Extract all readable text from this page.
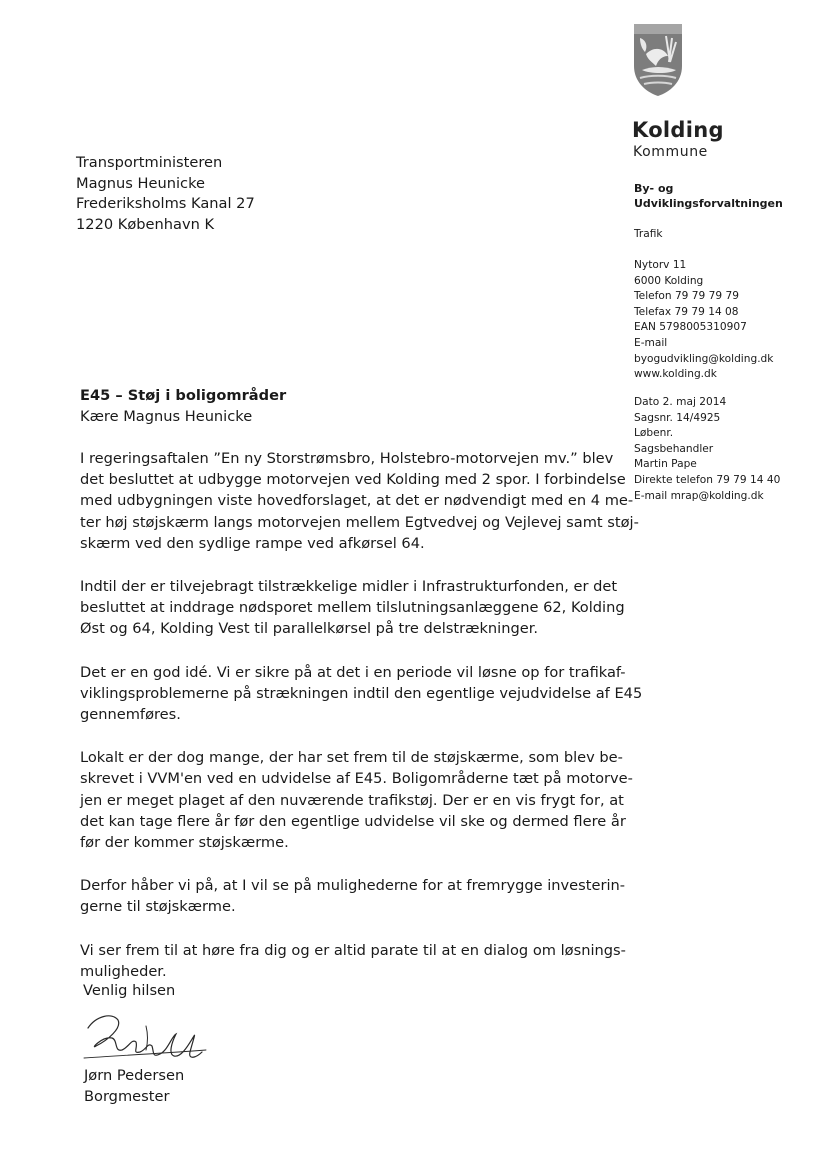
Kolding
Kommune
Transportministeren
Magnus Heunicke
Frederiksholms Kanal 27
1220 København K
By- og
Udviklingsforvaltningen
Trafik
Nytorv 11
6000 Kolding
Telefon 79 79 79 79
Telefax 79 79 14 08
EAN 5798005310907
E-mail
byogudvikling@kolding.dk
www.kolding.dk
Dato 2. maj 2014
Sagsnr. 14/4925
Løbenr.
Sagsbehandler
Martin Pape
Direkte telefon 79 79 14 40
E-mail mrap@kolding.dk
E45 – Støj i boligområder
Kære Magnus Heunicke
I regeringsaftalen ”En ny Storstrømsbro, Holstebro-motorvejen mv.” blev
det besluttet at udbygge motorvejen ved Kolding med 2 spor. I forbindelse
med udbygningen viste hovedforslaget, at det er nødvendigt med en 4 me-
ter høj støjskærm langs motorvejen mellem Egtvedvej og Vejlevej samt støj-
skærm ved den sydlige rampe ved afkørsel 64.
Indtil der er tilvejebragt tilstrækkelige midler i Infrastrukturfonden, er det
besluttet at inddrage nødsporet mellem tilslutningsanlæggene 62, Kolding
Øst og 64, Kolding Vest til parallelkørsel på tre delstrækninger.
Det er en god idé. Vi er sikre på at det i en periode vil løsne op for trafikaf-
viklingsproblemerne på strækningen indtil den egentlige vejudvidelse af E45
gennemføres.
Lokalt er der dog mange, der har set frem til de støjskærme, som blev be-
skrevet i VVM'en ved en udvidelse af E45. Boligområderne tæt på motorve-
jen er meget plaget af den nuværende trafikstøj. Der er en vis frygt for, at
det kan tage flere år før den egentlige udvidelse vil ske og dermed flere år
før der kommer støjskærme.
Derfor håber vi på, at I vil se på mulighederne for at fremrygge investerin-
gerne til støjskærme.
Vi ser frem til at høre fra dig og er altid parate til at en dialog om løsnings-
muligheder.
Venlig hilsen
Jørn Pedersen
Borgmester
